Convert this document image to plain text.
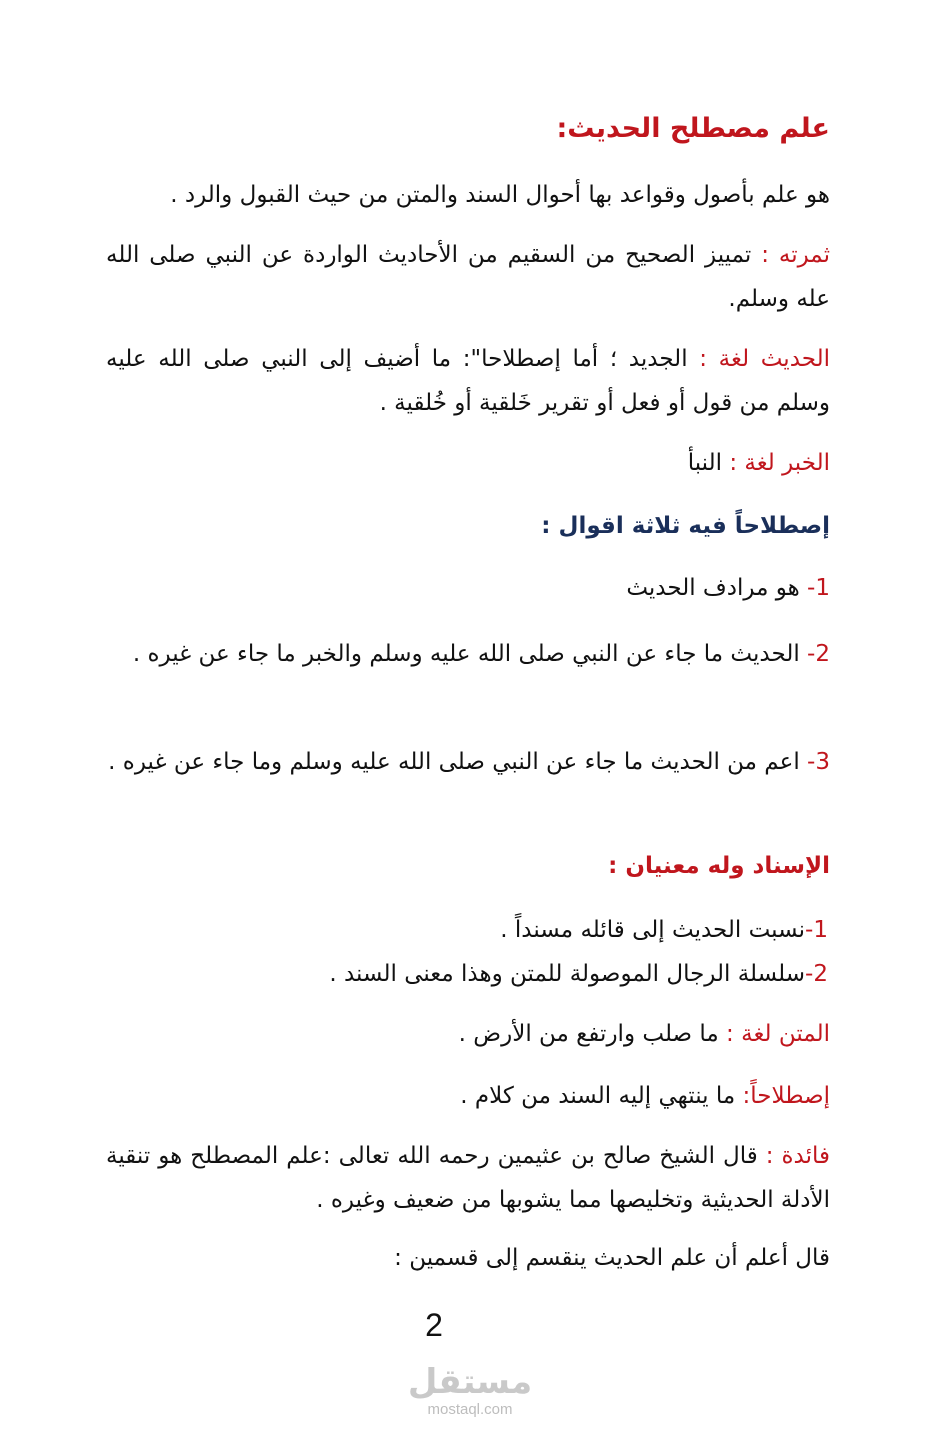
علم مصطلح الحديث:
هو علم بأصول وقواعد بها أحوال السند والمتن من حيث القبول والرد .
ثمرته : تمييز الصحيح من السقيم من الأحاديث الواردة عن النبي صلى الله عله وسلم.
الحديث لغة : الجديد ؛ أما إصطلاحا": ما أضيف إلى النبي صلى الله عليه وسلم من قول أو فعل أو تقرير خَلقية أو خُلقية .
الخبر لغة : النبأ
إصطلاحاً فيه ثلاثة اقوال :
1- هو مرادف الحديث
2- الحديث ما جاء عن النبي صلى الله عليه وسلم والخبر ما جاء عن غيره .
3- اعم من الحديث ما جاء عن النبي صلى الله عليه وسلم وما جاء عن غيره .
الإسناد وله معنيان :
1-نسبت الحديث إلى قائله مسنداً .
2-سلسلة الرجال الموصولة للمتن وهذا معنى السند .
المتن لغة : ما صلب وارتفع من الأرض .
إصطلاحاً: ما ينتهي إليه السند من كلام .
فائدة : قال الشيخ صالح بن عثيمين رحمه الله تعالى :علم المصطلح هو تنقية الأدلة الحديثية وتخليصها مما يشوبها من ضعيف وغيره .
قال أعلم أن علم الحديث ينقسم إلى قسمين :
2
مستقل
mostaql.com
